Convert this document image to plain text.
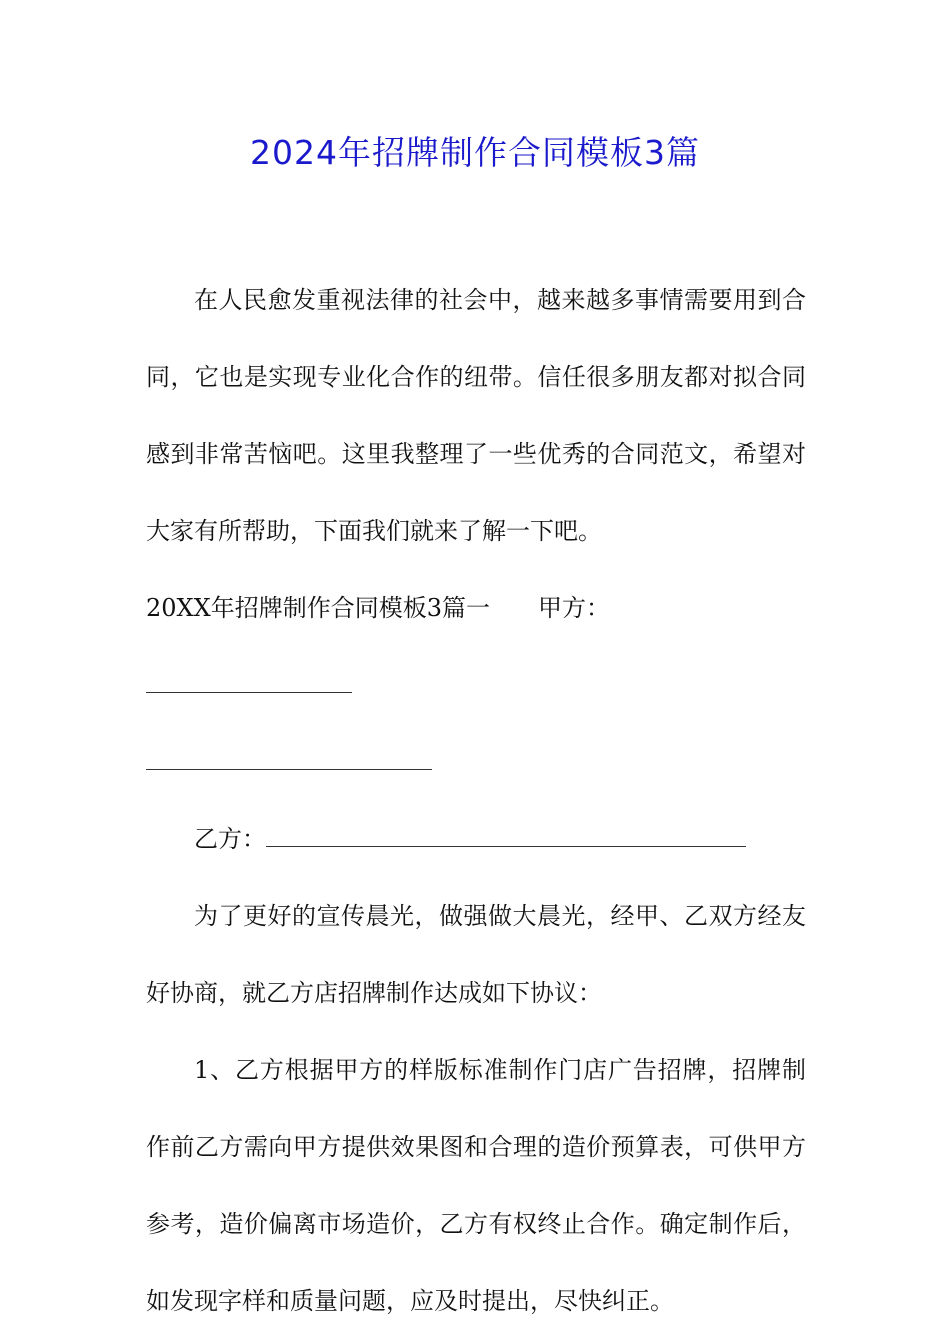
2024年招牌制作合同模板3篇

在人民愈发重视法律的社会中，越来越多事情需要用到合同，它也是实现专业化合作的纽带。信任很多朋友都对拟合同感到非常苦恼吧。这里我整理了一些优秀的合同范文，希望对大家有所帮助，下面我们就来了解一下吧。

20XX年招牌制作合同模板3篇一 甲方：

乙方：

为了更好的宣传晨光，做强做大晨光，经甲、乙双方经友好协商，就乙方店招牌制作达成如下协议：

1、乙方根据甲方的样版标准制作门店广告招牌，招牌制作前乙方需向甲方提供效果图和合理的造价预算表，可供甲方参考，造价偏离市场造价，乙方有权终止合作。确定制作后，如发现字样和质量问题，应及时提出，尽快纠正。
